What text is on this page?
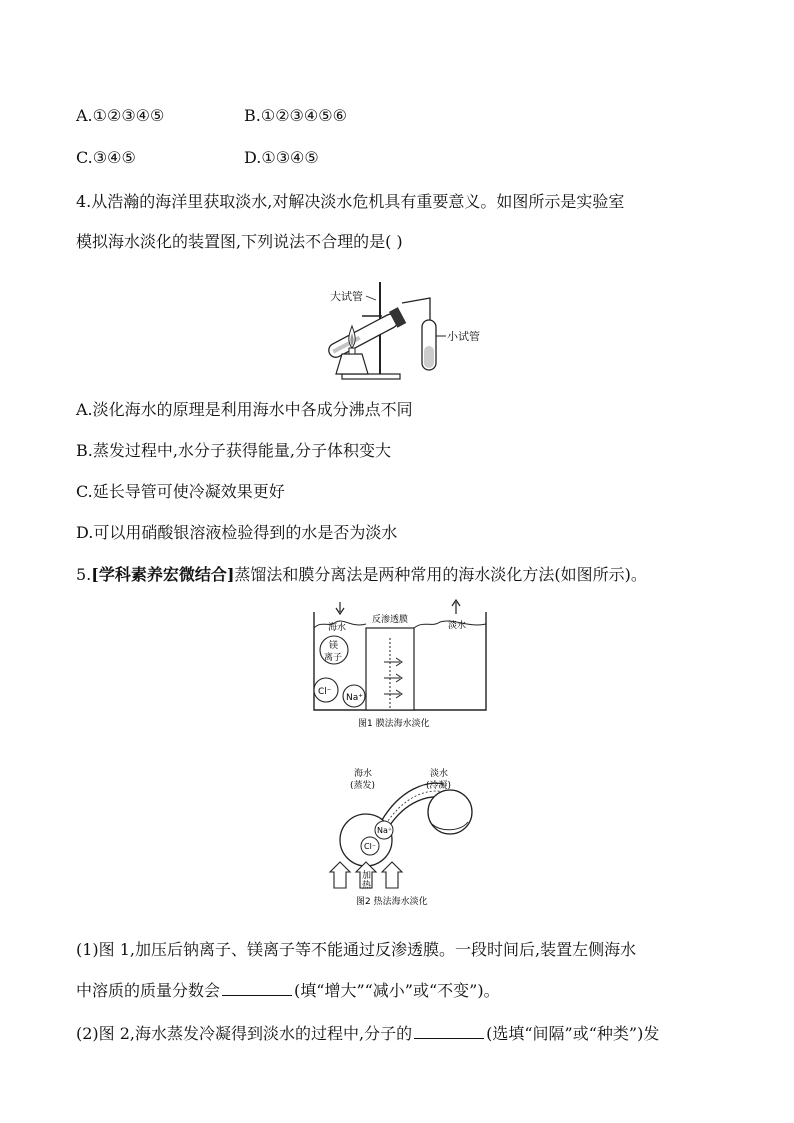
A.①②③④⑤	B.①②③④⑤⑥
C.③④⑤	D.①③④⑤
4.从浩瀚的海洋里获取淡水,对解决淡水危机具有重要意义。如图所示是实验室
模拟海水淡化的装置图,下列说法不合理的是( )
大试管
小试管
A.淡化海水的原理是利用海水中各成分沸点不同
B.蒸发过程中,水分子获得能量,分子体积变大
C.延长导管可使冷凝效果更好
D.可以用硝酸银溶液检验得到的水是否为淡水
5.[学科素养宏微结合]蒸馏法和膜分离法是两种常用的海水淡化方法(如图所示)。
海水	淡水
反渗透膜
镁
离子
Cl⁻
Na⁺
图1 膜法海水淡化
海水
(蒸发)
淡水
(冷凝)
Na⁺
Cl⁻
加
热
图2 热法海水淡化
(1)图 1,加压后钠离子、镁离子等不能通过反渗透膜。一段时间后,装置左侧海水
中溶质的质量分数会	(填“增大”“减小”或“不变”)。
(2)图 2,海水蒸发冷凝得到淡水的过程中,分子的	(选填“间隔”或“种类”)发
